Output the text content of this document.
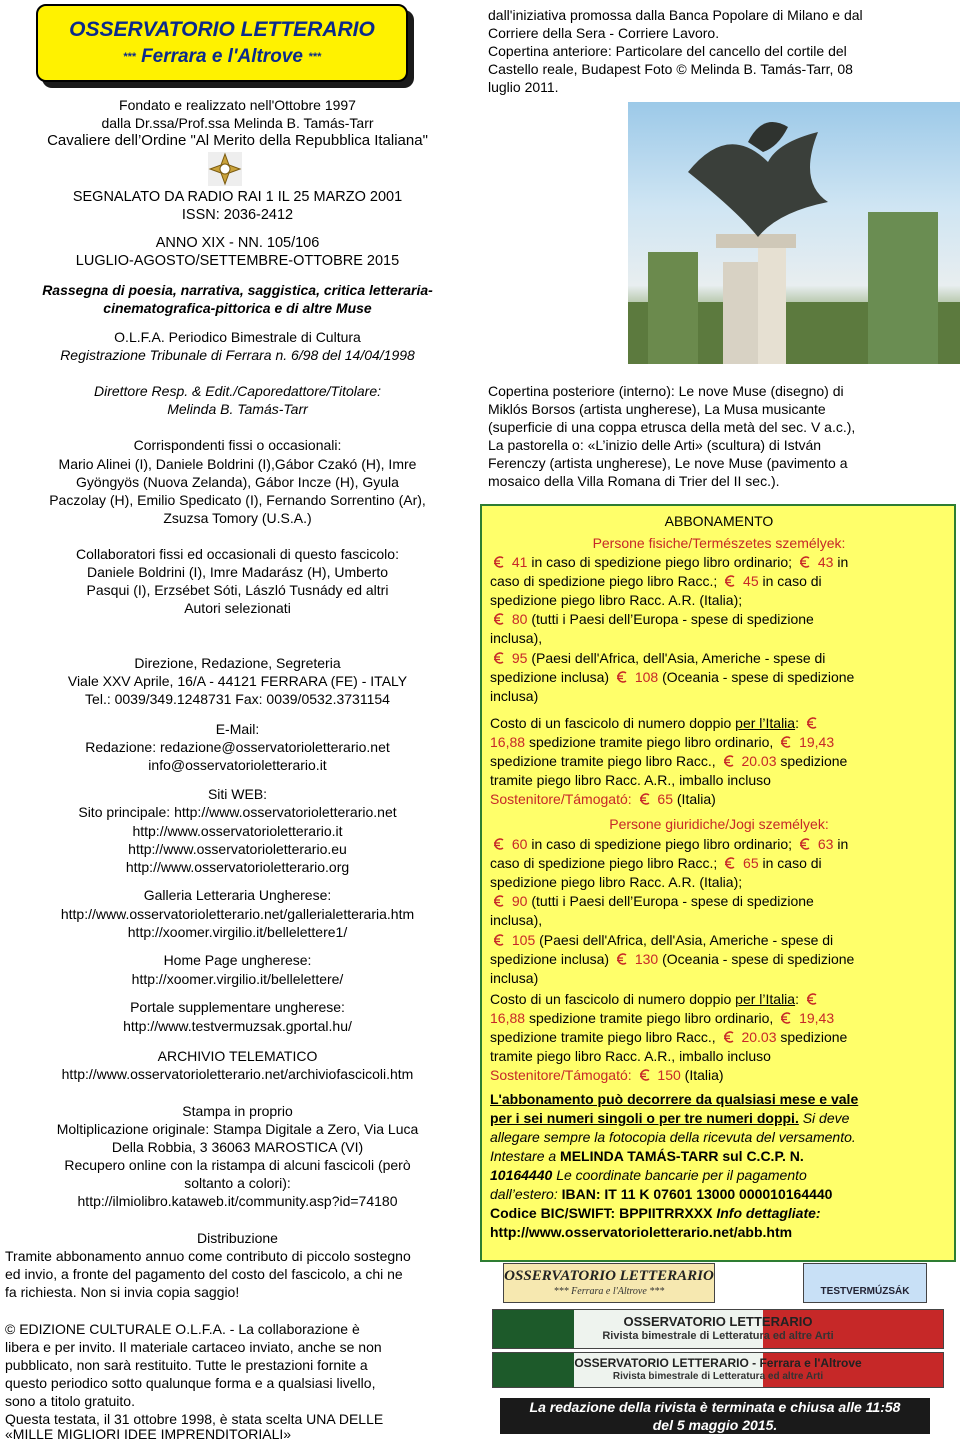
OSSERVATORIO LETTERARIO
*** Ferrara e l'Altrove ***
Fondato e realizzato nell'Ottobre 1997
dalla Dr.ssa/Prof.ssa Melinda B. Tamás-Tarr
Cavaliere dell’Ordine "Al Merito della Repubblica Italiana"
SEGNALATO DA RADIO RAI 1 IL 25 MARZO 2001
ISSN: 2036-2412
ANNO XIX - NN. 105/106
LUGLIO-AGOSTO/SETTEMBRE-OTTOBRE 2015
Rassegna di poesia, narrativa, saggistica, critica letteraria-
cinematografica-pittorica e di altre Muse
O.L.F.A. Periodico Bimestrale di Cultura
Registrazione Tribunale di Ferrara n. 6/98 del 14/04/1998
Direttore Resp. & Edit./Caporedattore/Titolare:
Melinda B. Tamás-Tarr
Corrispondenti fissi o occasionali:
Mario Alinei (I), Daniele Boldrini (I),Gábor Czakó (H), Imre
Gyöngyös (Nuova Zelanda), Gábor Incze (H), Gyula
Paczolay (H), Emilio Spedicato (I), Fernando Sorrentino (Ar),
Zsuzsa Tomory (U.S.A.)
Collaboratori fissi ed occasionali di questo fascicolo:
Daniele Boldrini (I), Imre Madarász (H), Umberto
Pasqui (I), Erzsébet Sóti, László Tusnády ed altri
Autori selezionati
Direzione, Redazione, Segreteria
Viale XXV Aprile, 16/A - 44121 FERRARA (FE) - ITALY
Tel.: 0039/349.1248731 Fax: 0039/0532.3731154
E-Mail:
Redazione: redazione@osservatorioletterario.net
info@osservatorioletterario.it
Siti WEB:
Sito principale: http://www.osservatorioletterario.net
http://www.osservatorioletterario.it
http://www.osservatorioletterario.eu
http://www.osservatorioletterario.org
Galleria Letteraria Ungherese:
http://www.osservatorioletterario.net/gallerialetteraria.htm
http://xoomer.virgilio.it/bellelettere1/
Home Page ungherese:
http://xoomer.virgilio.it/bellelettere/
Portale supplementare ungherese:
http://www.testvermuzsak.gportal.hu/
ARCHIVIO TELEMATICO
http://www.osservatorioletterario.net/archiviofascicoli.htm
Stampa in proprio
Moltiplicazione originale: Stampa Digitale a Zero, Via Luca
Della Robbia, 3 36063 MAROSTICA (VI)
Recupero online con la ristampa di alcuni fascicoli (però
soltanto a colori):
http://ilmiolibro.kataweb.it/community.asp?id=74180
Distribuzione
Tramite abbonamento annuo come contributo di piccolo sostegno
ed invio, a fronte del pagamento del costo del fascicolo, a chi ne
fa richiesta. Non si invia copia saggio!
© EDIZIONE CULTURALE O.L.F.A. - La collaborazione è
libera e per invito. Il materiale cartaceo inviato, anche se non
pubblicato, non sarà restituito. Tutte le prestazioni fornite a
questo periodico sotto qualunque forma e a qualsiasi livello,
sono a titolo gratuito.
Questa testata, il 31 ottobre 1998, è stata scelta UNA DELLE
«MILLE MIGLIORI IDEE IMPRENDITORIALI»
dall'iniziativa promossa dalla Banca Popolare di Milano e dal
Corriere della Sera - Corriere Lavoro.
Copertina anteriore: Particolare del cancello del cortile del
Castello reale, Budapest Foto © Melinda B. Tamás-Tarr, 08
luglio 2011.
Copertina posteriore (interno): Le nove Muse (disegno) di
Miklós Borsos (artista ungherese), La Musa musicante
(superficie di una coppa etrusca della metà del sec. V a.c.),
La pastorella o: «L’inizio delle Arti» (scultura) di István
Ferenczy (artista ungherese), Le nove Muse (pavimento a
mosaico della Villa Romana di Trier del II sec.).
ABBONAMENTO
Persone fisiche/Természetes személyek:
41 in caso di spedizione piego libro ordinario; 43 in
caso di spedizione piego libro Racc.; 45 in caso di
spedizione piego libro Racc. A.R. (Italia);
80 (tutti i Paesi dell’Europa - spese di spedizione
inclusa),
95 (Paesi dell'Africa, dell'Asia, Americhe - spese di
spedizione inclusa) 108 (Oceania - spese di spedizione
inclusa)
Costo di un fascicolo di numero doppio per l’Italia:
16,88 spedizione tramite piego libro ordinario, 19,43
spedizione tramite piego libro Racc., 20.03 spedizione
tramite piego libro Racc. A.R., imballo incluso
Sostenitore/Támogató: 65 (Italia)
Persone giuridiche/Jogi személyek:
60 in caso di spedizione piego libro ordinario; 63 in
caso di spedizione piego libro Racc.; 65 in caso di
spedizione piego libro Racc. A.R. (Italia);
90 (tutti i Paesi dell’Europa - spese di spedizione
inclusa),
105 (Paesi dell'Africa, dell'Asia, Americhe - spese di
spedizione inclusa) 130 (Oceania - spese di spedizione
inclusa)
Costo di un fascicolo di numero doppio per l’Italia:
16,88 spedizione tramite piego libro ordinario, 19,43
spedizione tramite piego libro Racc., 20.03 spedizione
tramite piego libro Racc. A.R., imballo incluso
Sostenitore/Támogató: 150 (Italia)
L'abbonamento può decorrere da qualsiasi mese e vale
per i sei numeri singoli o per tre numeri doppi. Si deve
allegare sempre la fotocopia della ricevuta del versamento.
Intestare a MELINDA TAMÁS-TARR sul C.C.P. N.
10164440 Le coordinate bancarie per il pagamento
dall’estero: IBAN: IT 11 K 07601 13000 000010164440
Codice BIC/SWIFT: BPPIITRRXXX Info dettagliate:
http://www.osservatorioletterario.net/abb.htm
OSSERVATORIO LETTERARIO
*** Ferrara e l'Altrove ***	TESTVERMÚZSÁK
OSSERVATORIO LETTERARIO
Rivista bimestrale di Letteratura ed altre Arti
OSSERVATORIO LETTERARIO - Ferrara e l'Altrove
Rivista bimestrale di Letteratura ed altre Arti
La redazione della rivista è terminata e chiusa alle 11:58
del 5 maggio 2015.
